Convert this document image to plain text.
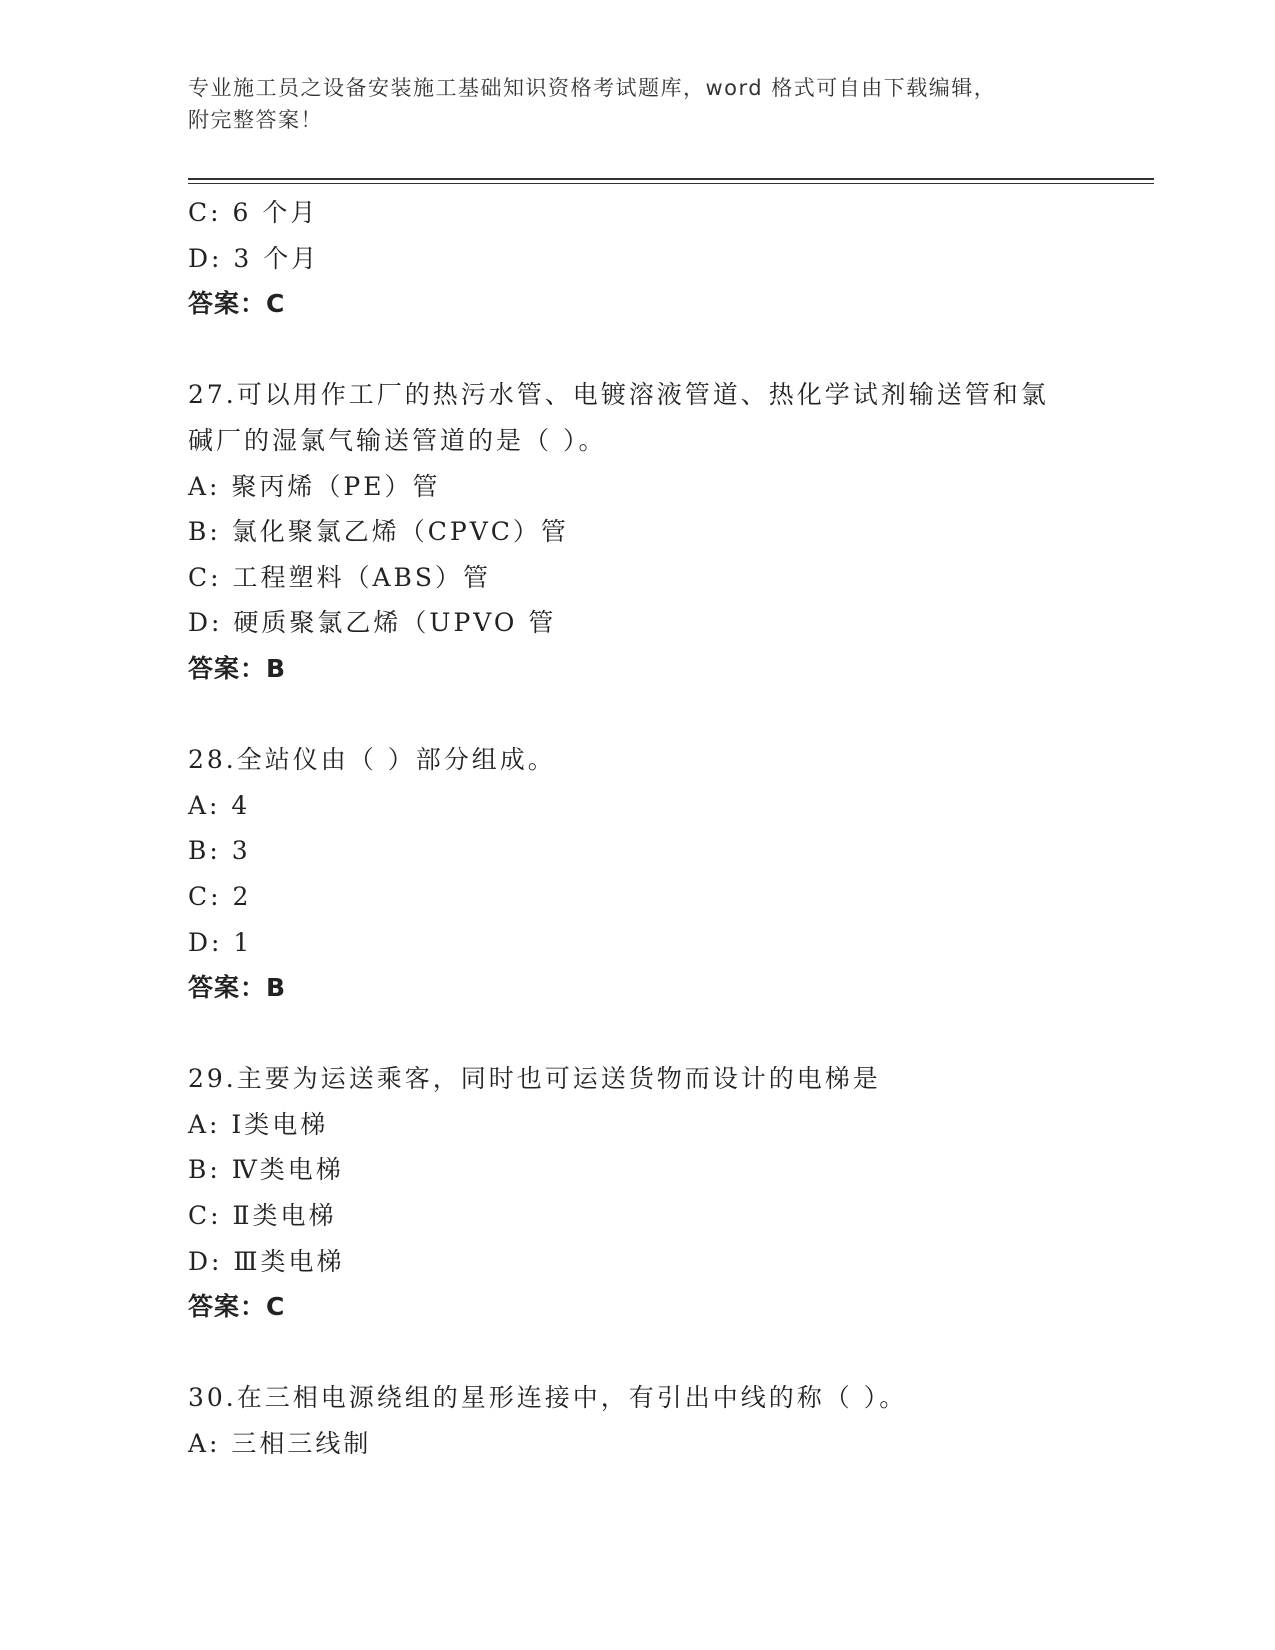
专业施工员之设备安装施工基础知识资格考试题库，word 格式可自由下载编辑，
附完整答案！
C: 6 个月
D: 3 个月
答案：C
27.可以用作工厂的热污水管、电镀溶液管道、热化学试剂输送管和氯
碱厂的湿氯气输送管道的是（ ）。
A: 聚丙烯（PE）管
B: 氯化聚氯乙烯（CPVC）管
C: 工程塑料（ABS）管
D: 硬质聚氯乙烯（UPVO 管
答案：B
28.全站仪由（ ）部分组成。
A: 4
B: 3
C: 2
D: 1
答案：B
29.主要为运送乘客，同时也可运送货物而设计的电梯是
A: Ⅰ类电梯
B: Ⅳ类电梯
C: Ⅱ类电梯
D: Ⅲ类电梯
答案：C
30.在三相电源绕组的星形连接中，有引出中线的称（ ）。
A: 三相三线制
